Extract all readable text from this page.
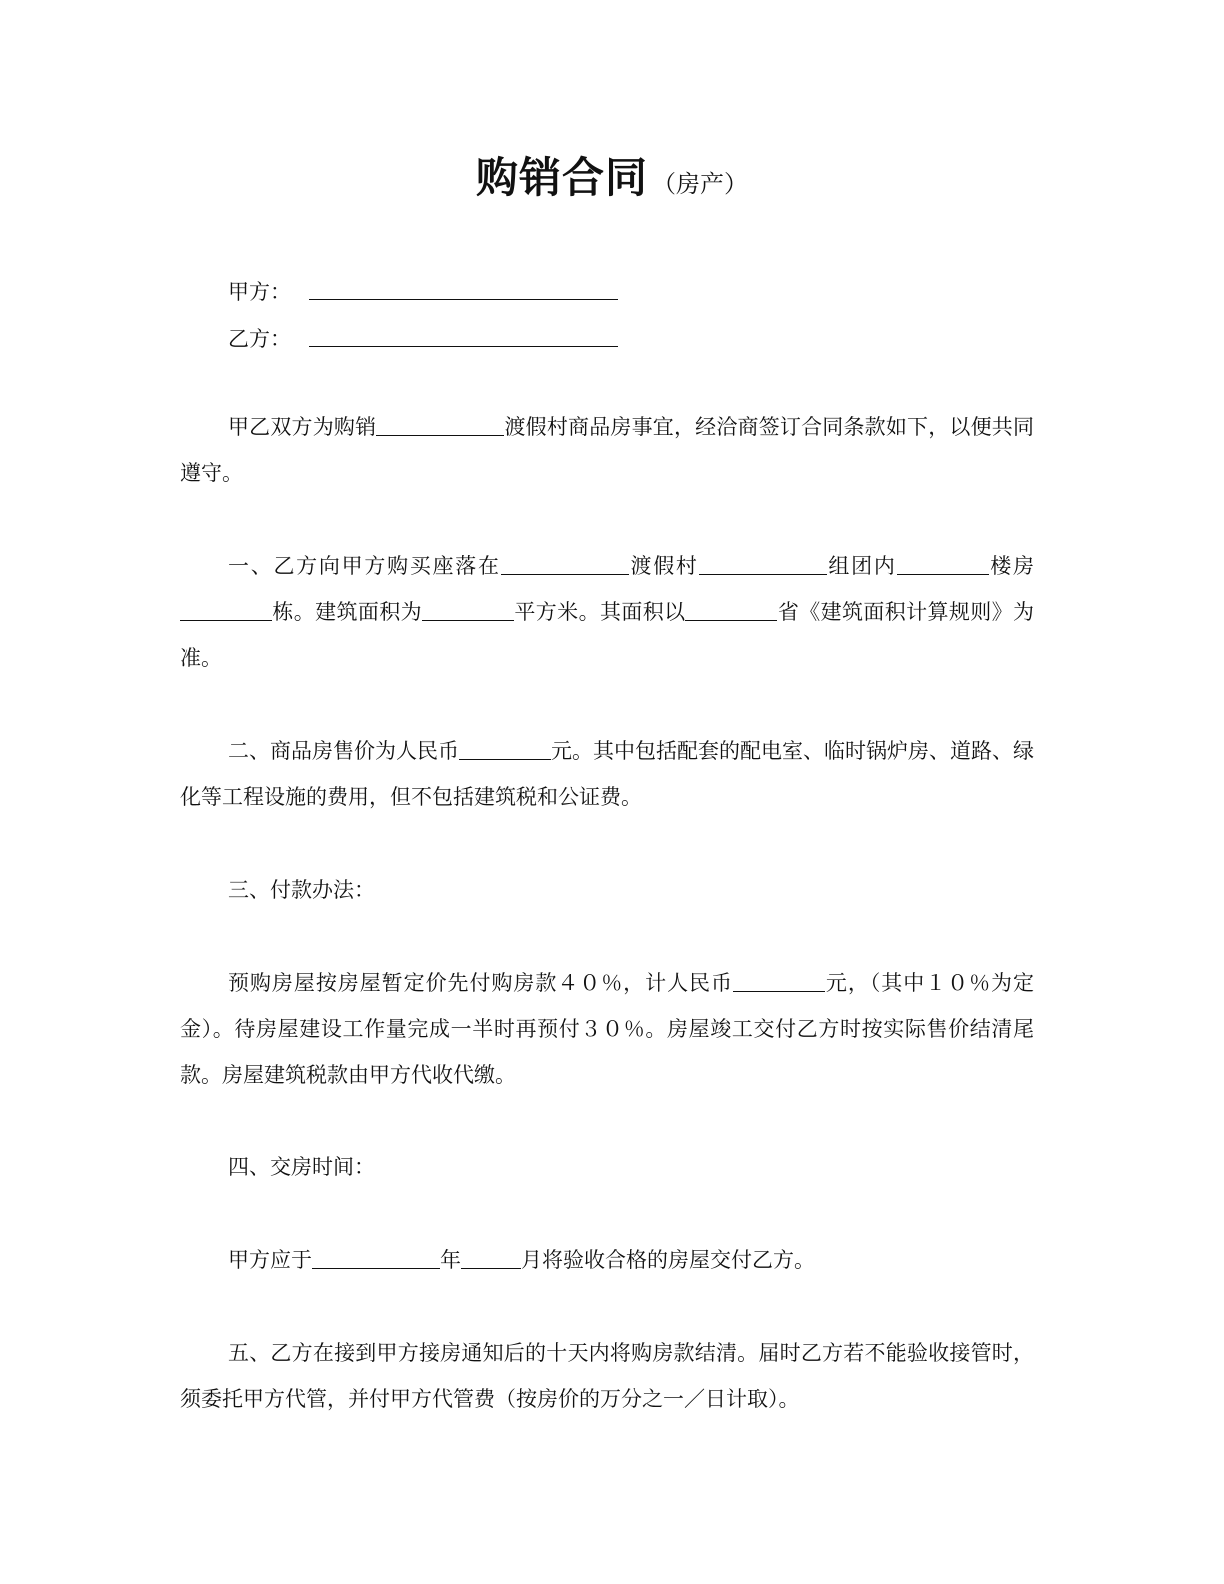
购销合同 （房产）
甲方：
乙方：
甲乙双方为购销	渡假村商品房事宜，经洽商签订合同条款如下，以便共同遵守。
一、乙方向甲方购买座落在	渡假村	组团内	楼房栋。建筑面积为	平方米。其面积以	省《建筑面积计算规则》为准。
二、商品房售价为人民币	元。其中包括配套的配电室、临时锅炉房、道路、绿化等工程设施的费用，但不包括建筑税和公证费。
三、付款办法：
预购房屋按房屋暂定价先付购房款４０％，计人民币	元，（其中１０％为定金）。待房屋建设工作量完成一半时再预付３０％。房屋竣工交付乙方时按实际售价结清尾款。房屋建筑税款由甲方代收代缴。
四、交房时间：
甲方应于	年	月将验收合格的房屋交付乙方。
五、乙方在接到甲方接房通知后的十天内将购房款结清。届时乙方若不能验收接管时，须委托甲方代管，并付甲方代管费（按房价的万分之一／日计取）。
